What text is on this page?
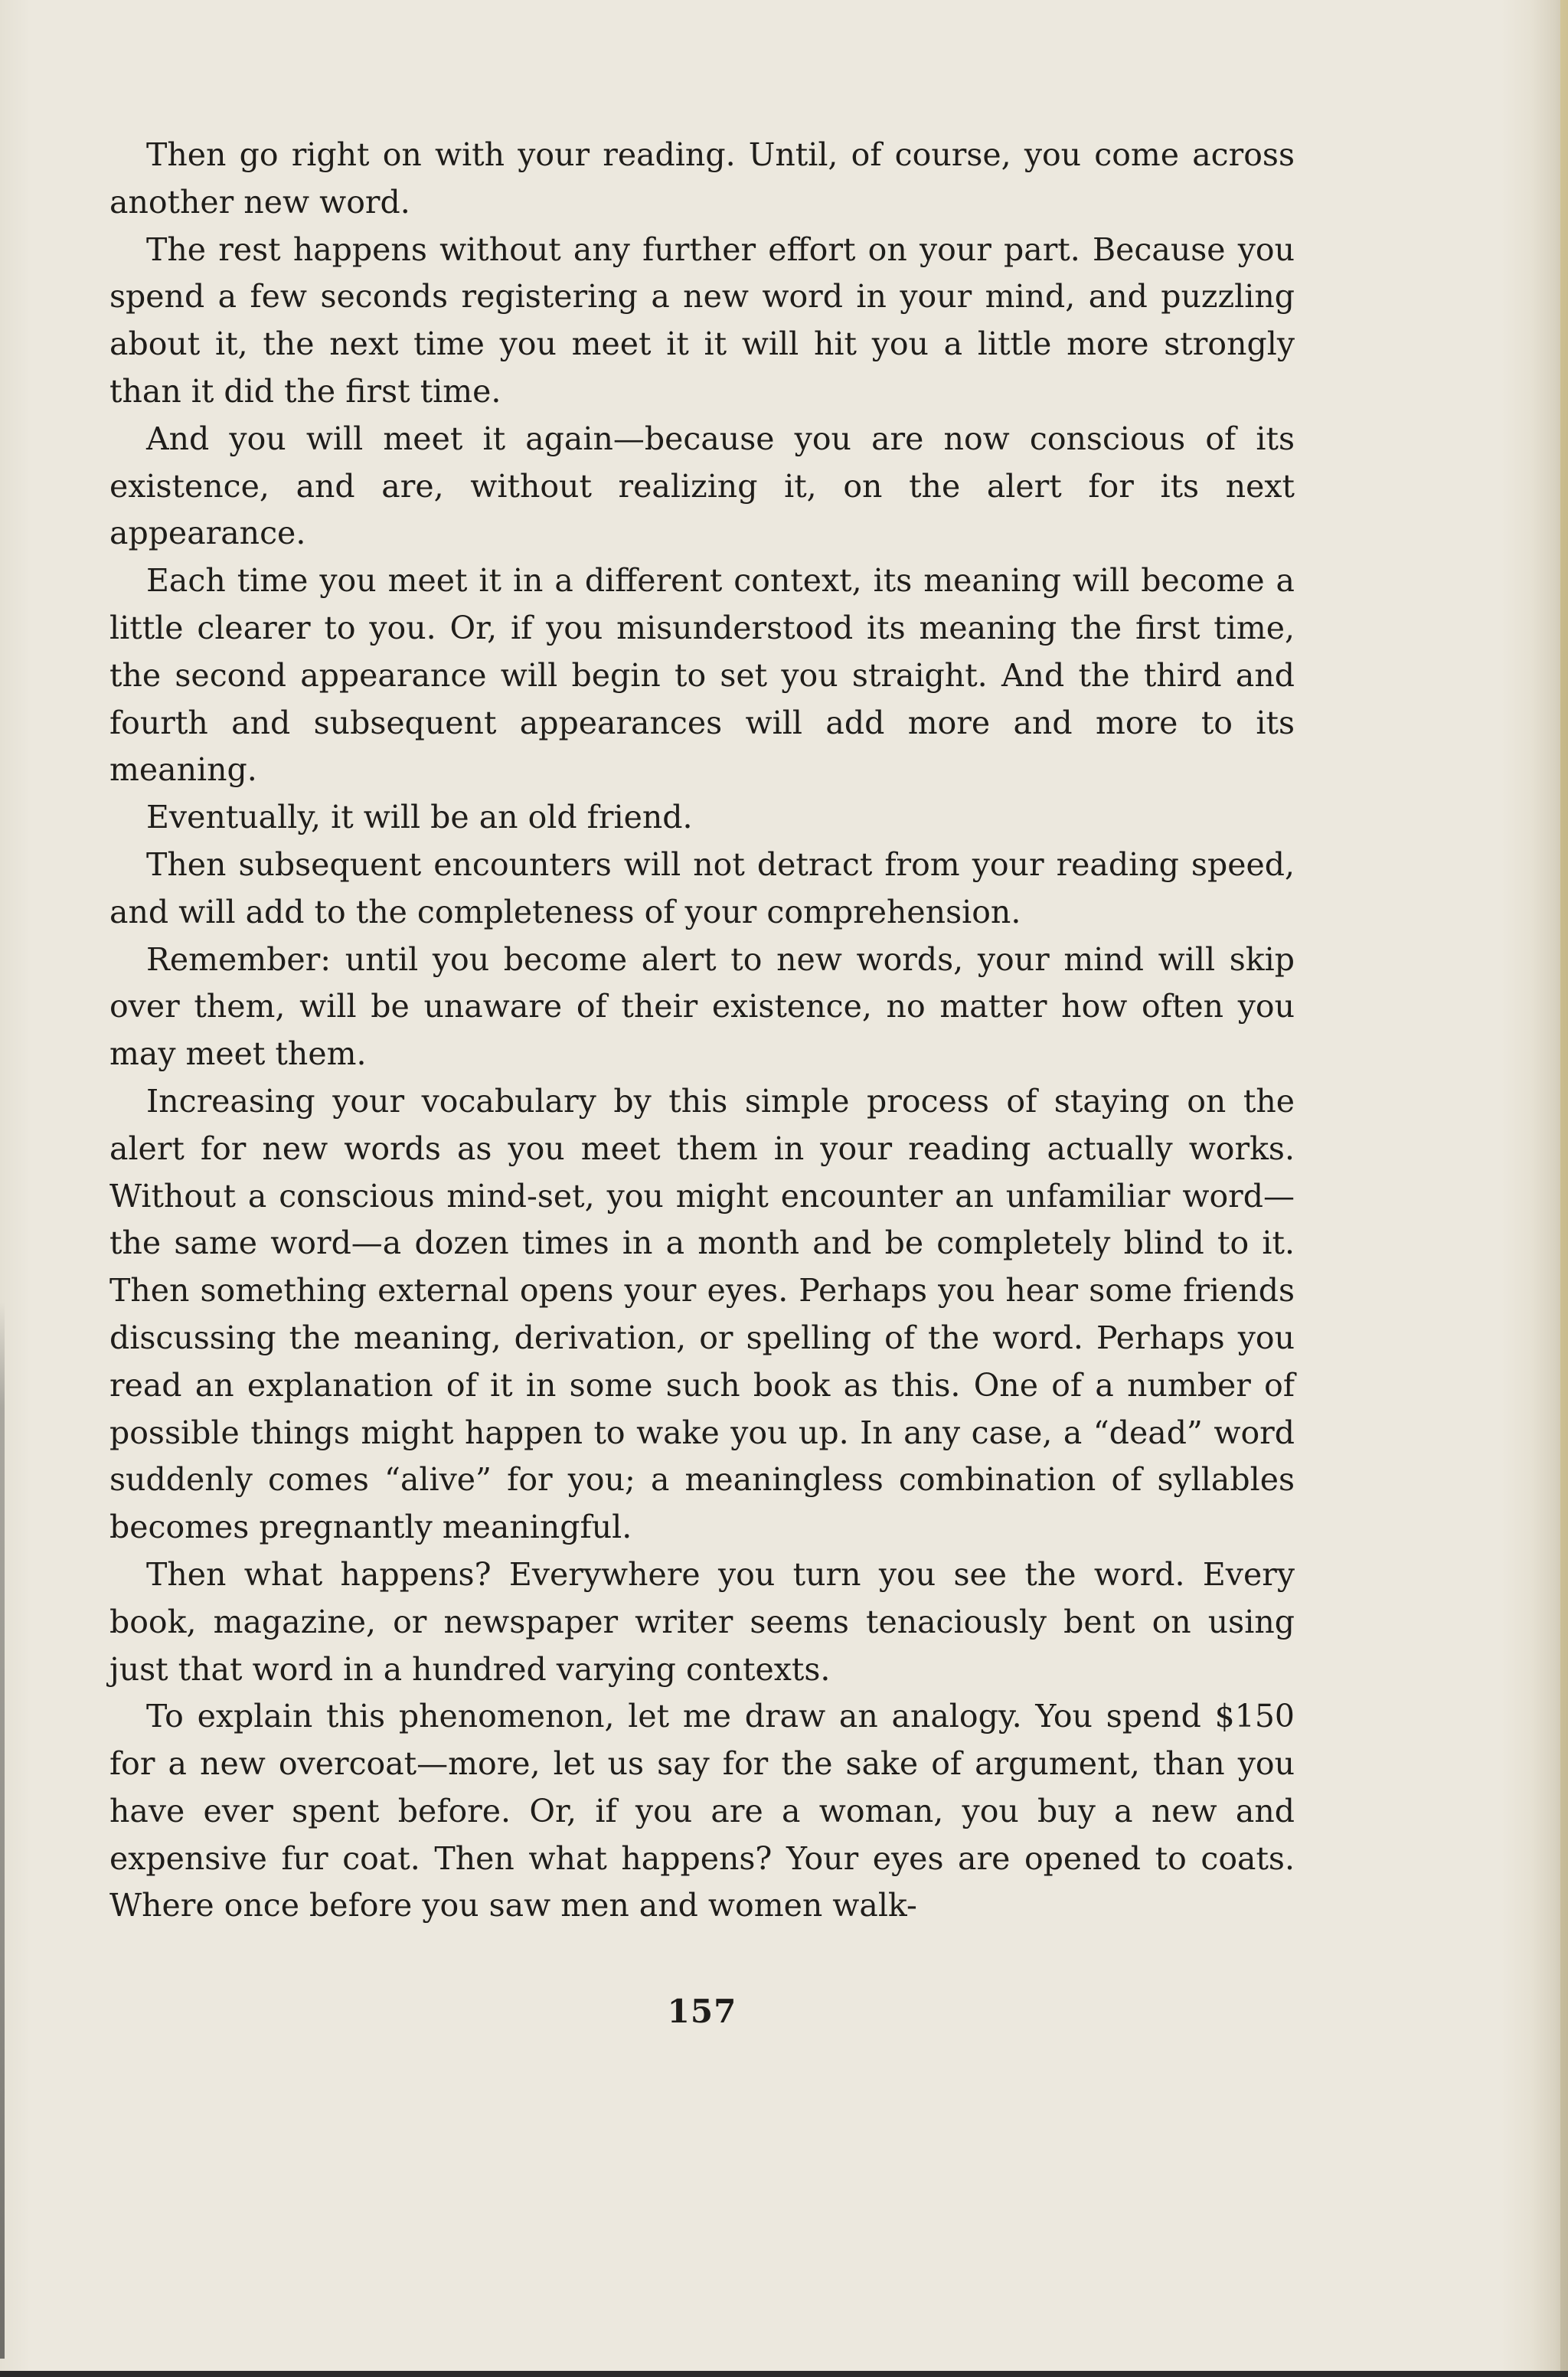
Then go right on with your reading. Until, of course, you come across another new word.

The rest happens without any further effort on your part. Because you spend a few seconds registering a new word in your mind, and puzzling about it, the next time you meet it it will hit you a little more strongly than it did the first time.

And you will meet it again—because you are now conscious of its existence, and are, without realizing it, on the alert for its next appearance.

Each time you meet it in a different context, its meaning will become a little clearer to you. Or, if you misunderstood its meaning the first time, the second appearance will begin to set you straight. And the third and fourth and subsequent appearances will add more and more to its meaning.

Eventually, it will be an old friend.

Then subsequent encounters will not detract from your reading speed, and will add to the completeness of your comprehension.

Remember: until you become alert to new words, your mind will skip over them, will be unaware of their existence, no matter how often you may meet them.

Increasing your vocabulary by this simple process of staying on the alert for new words as you meet them in your reading actually works. Without a conscious mind-set, you might encounter an unfamiliar word—the same word—a dozen times in a month and be completely blind to it. Then something external opens your eyes. Perhaps you hear some friends discussing the meaning, derivation, or spelling of the word. Perhaps you read an explanation of it in some such book as this. One of a number of possible things might happen to wake you up. In any case, a “dead” word suddenly comes “alive” for you; a meaningless combination of syllables becomes pregnantly meaningful.

Then what happens? Everywhere you turn you see the word. Every book, magazine, or newspaper writer seems tenaciously bent on using just that word in a hundred varying contexts.

To explain this phenomenon, let me draw an analogy. You spend $150 for a new overcoat—more, let us say for the sake of argument, than you have ever spent before. Or, if you are a woman, you buy a new and expensive fur coat. Then what happens? Your eyes are opened to coats. Where once before you saw men and women walk-

157
